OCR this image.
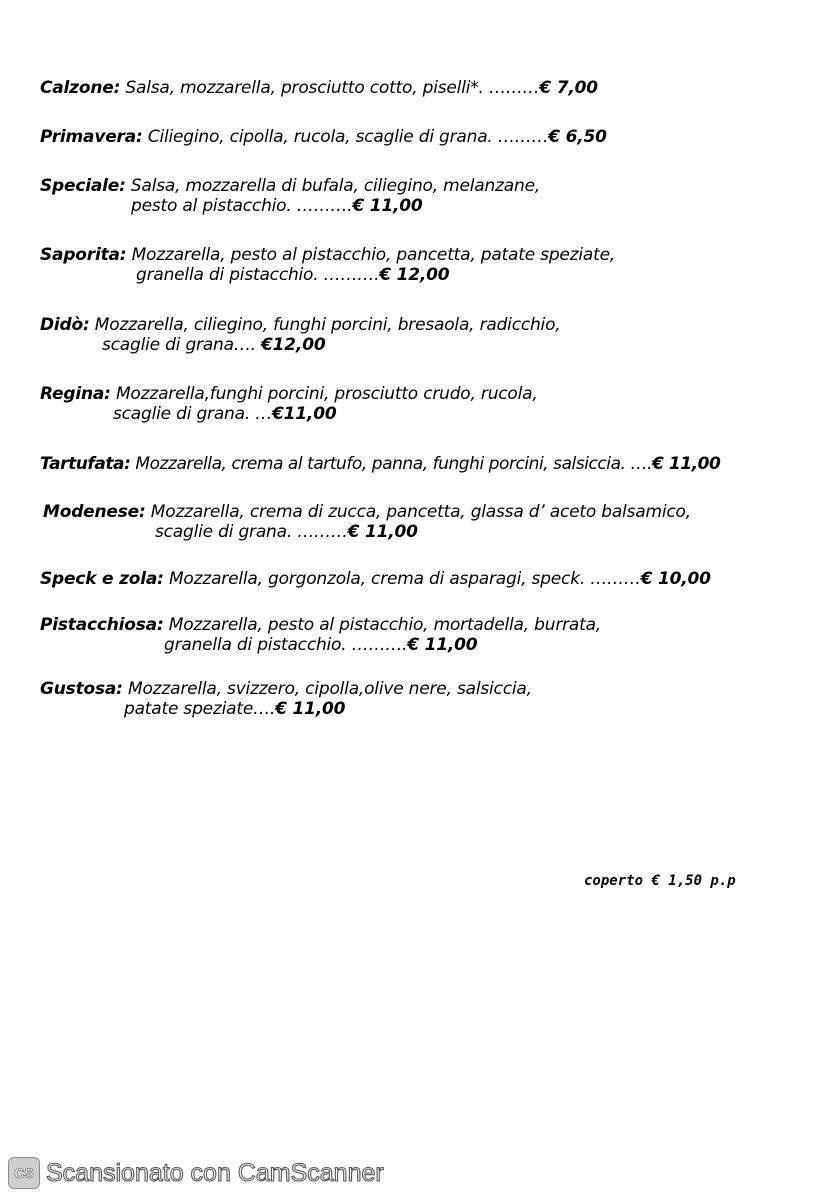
Calzone: Salsa, mozzarella, prosciutto cotto, piselli*. ………€ 7,00
Primavera: Ciliegino, cipolla, rucola, scaglie di grana. ………€ 6,50
Speciale: Salsa, mozzarella di bufala, ciliegino, melanzane,
pesto al pistacchio. ……….€ 11,00
Saporita: Mozzarella, pesto al pistacchio, pancetta, patate speziate,
granella di pistacchio. ……….€ 12,00
Didò: Mozzarella, ciliegino, funghi porcini, bresaola, radicchio,
scaglie di grana…. €12,00
Regina: Mozzarella,funghi porcini, prosciutto crudo, rucola,
scaglie di grana. …€11,00
Tartufata: Mozzarella, crema al tartufo, panna, funghi porcini, salsiccia. ….€ 11,00
Modenese: Mozzarella, crema di zucca, pancetta, glassa d’ aceto balsamico,
scaglie di grana. ………€ 11,00
Speck e zola: Mozzarella, gorgonzola, crema di asparagi, speck. ………€ 10,00
Pistacchiosa: Mozzarella, pesto al pistacchio, mortadella, burrata,
granella di pistacchio. ……….€ 11,00
Gustosa: Mozzarella, svizzero, cipolla,olive nere, salsiccia,
patate speziate….€ 11,00
coperto € 1,50 p.p
CS Scansionato con CamScanner
